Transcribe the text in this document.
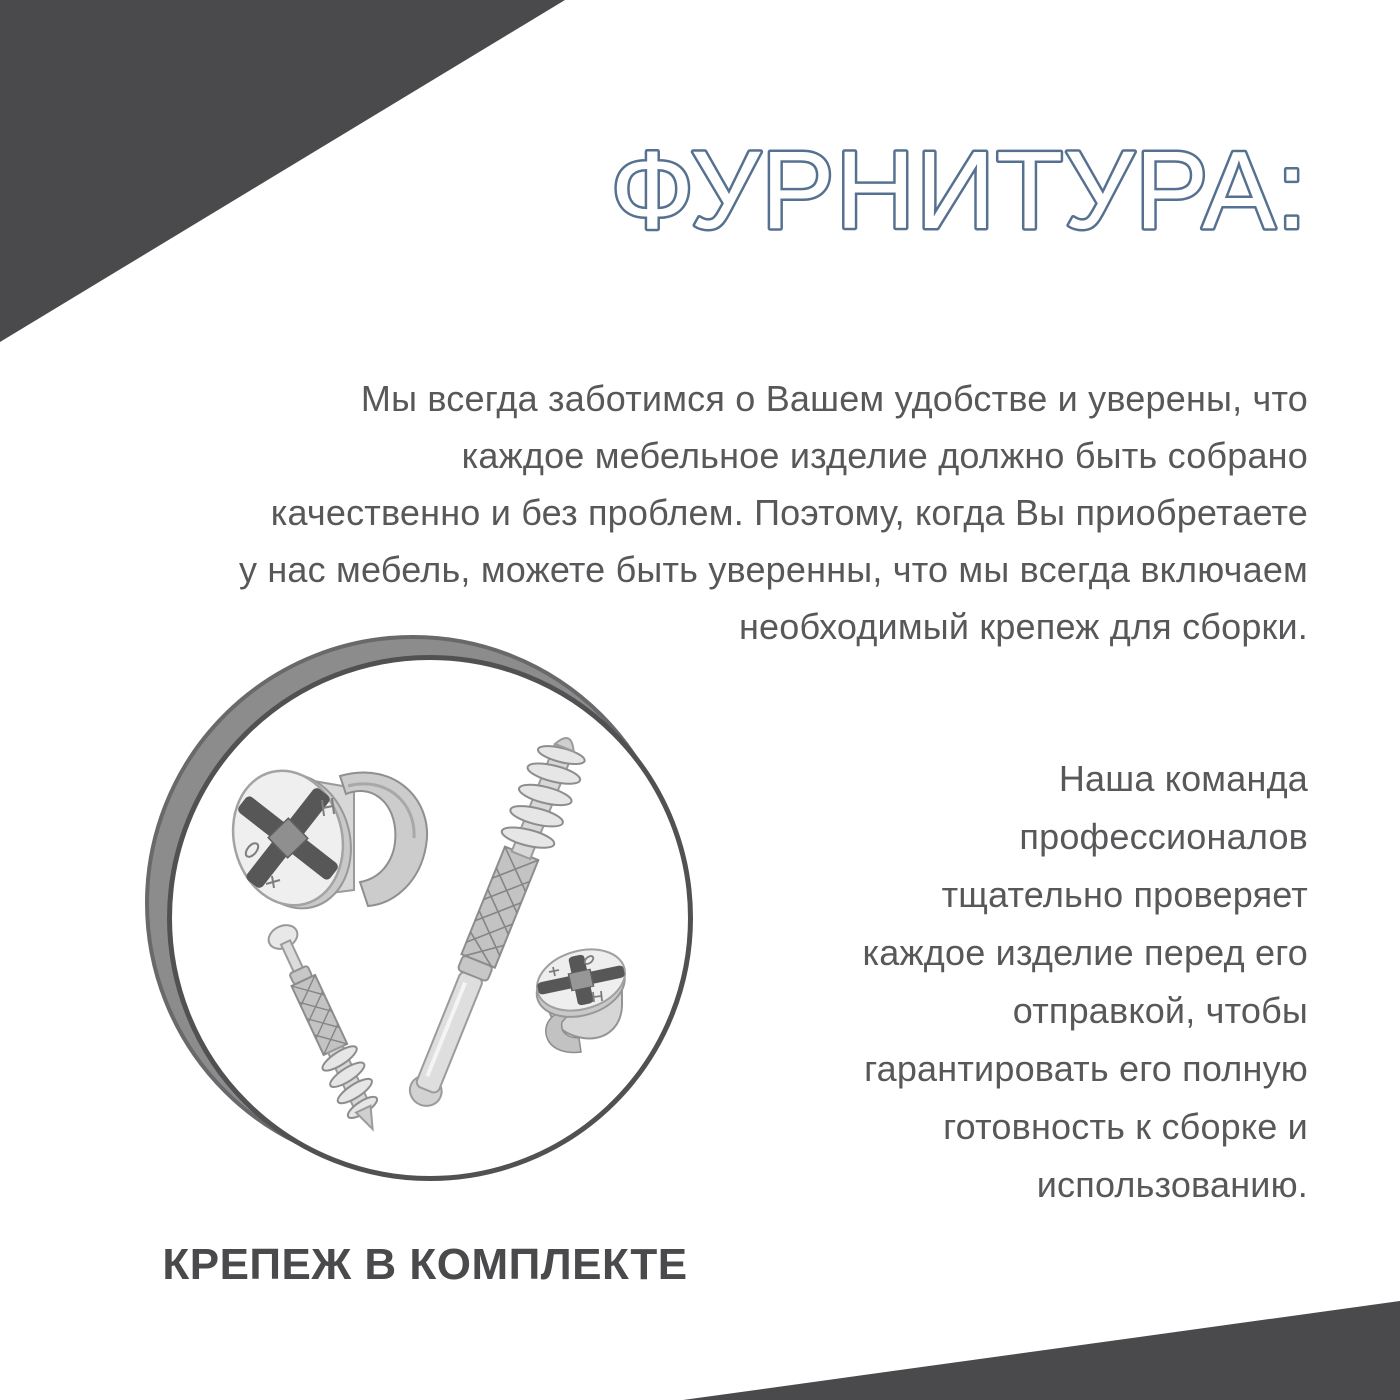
ФУРНИТУРА:

Мы всегда заботимся о Вашем удобстве и уверены, что
каждое мебельное изделие должно быть собрано
качественно и без проблем. Поэтому, когда Вы приобретаете
у нас мебель, можете быть уверенны, что мы всегда включаем
необходимый крепеж для сборки.

Наша команда
профессионалов
тщательно проверяет
каждое изделие перед его
отправкой, чтобы
гарантировать его полную
готовность к сборке и
использованию.

КРЕПЕЖ В КОМПЛЕКТЕ
